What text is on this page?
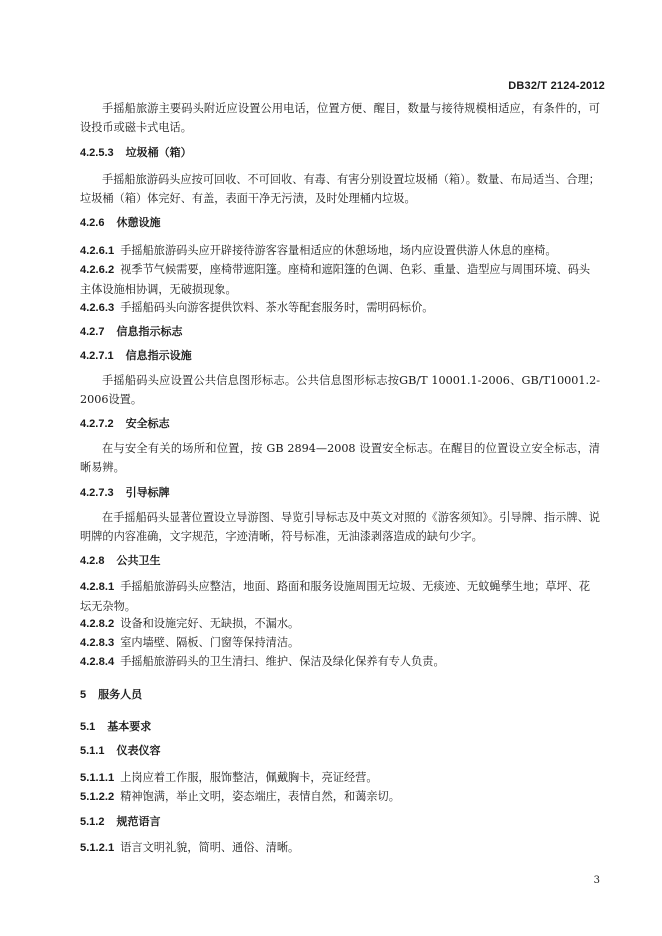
DB32/T 2124-2012
手摇船旅游主要码头附近应设置公用电话，位置方便、醒目，数量与接待规模相适应，有条件的，可设投币或磁卡式电话。
4.2.5.3 垃圾桶（箱）
手摇船旅游码头应按可回收、不可回收、有毒、有害分别设置垃圾桶（箱）。数量、布局适当、合理；垃圾桶（箱）体完好、有盖，表面干净无污渍，及时处理桶内垃圾。
4.2.6 休憩设施
4.2.6.1 手摇船旅游码头应开辟接待游客容量相适应的休憩场地，场内应设置供游人休息的座椅。
4.2.6.2 视季节气候需要，座椅带遮阳篷。座椅和遮阳篷的色调、色彩、重量、造型应与周围环境、码头主体设施相协调，无破损现象。
4.2.6.3 手摇船码头向游客提供饮料、茶水等配套服务时，需明码标价。
4.2.7 信息指示标志
4.2.7.1 信息指示设施
手摇船码头应设置公共信息图形标志。公共信息图形标志按GB/T 10001.1-2006、GB/T10001.2-2006设置。
4.2.7.2 安全标志
在与安全有关的场所和位置，按 GB 2894—2008 设置安全标志。在醒目的位置设立安全标志，清晰易辨。
4.2.7.3 引导标牌
在手摇船码头显著位置设立导游图、导览引导标志及中英文对照的《游客须知》。引导牌、指示牌、说明牌的内容准确，文字规范，字迹清晰，符号标准，无油漆剥落造成的缺句少字。
4.2.8 公共卫生
4.2.8.1 手摇船旅游码头应整洁，地面、路面和服务设施周围无垃圾、无痰迹、无蚊蝇孳生地；草坪、花坛无杂物。
4.2.8.2 设备和设施完好、无缺损，不漏水。
4.2.8.3 室内墙壁、隔板、门窗等保持清洁。
4.2.8.4 手摇船旅游码头的卫生清扫、维护、保洁及绿化保养有专人负责。
5 服务人员
5.1 基本要求
5.1.1 仪表仪容
5.1.1.1 上岗应着工作服，服饰整洁，佩戴胸卡，亮证经营。
5.1.2.2 精神饱满，举止文明，姿态端庄，表情自然，和蔼亲切。
5.1.2 规范语言
5.1.2.1 语言文明礼貌，简明、通俗、清晰。
3
